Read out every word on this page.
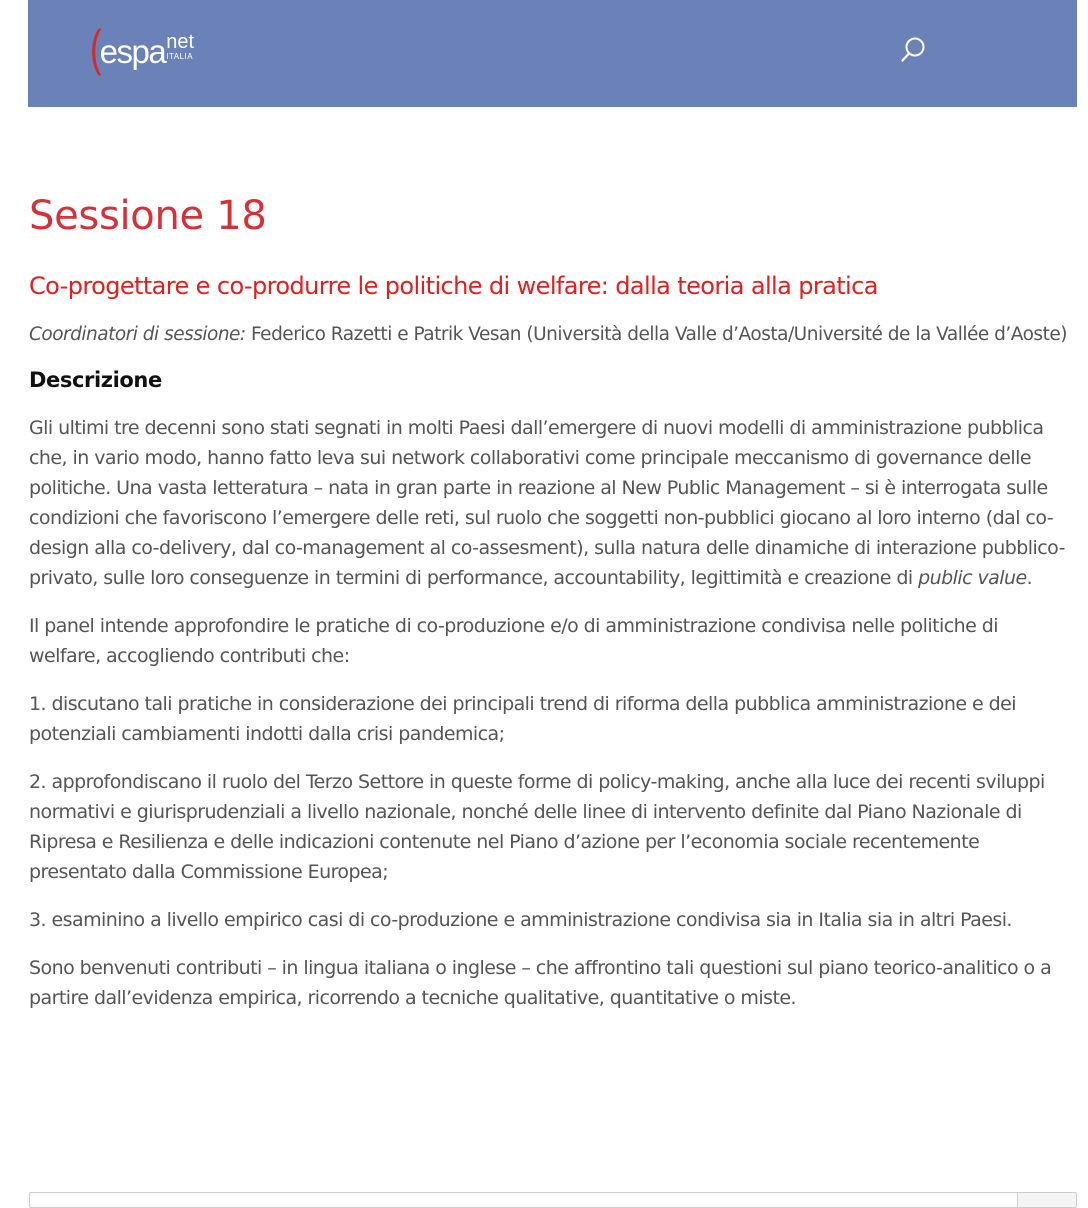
(
espa net
ITALIA
Sessione 18
Co-progettare e co-produrre le politiche di welfare: dalla teoria alla pratica

Coordinatori di sessione: Federico Razetti e Patrik Vesan (Università della Valle d’Aosta/Université de la Vallée d’Aoste)

Descrizione

Gli ultimi tre decenni sono stati segnati in molti Paesi dall’emergere di nuovi modelli di amministrazione pubblica che, in vario modo, hanno fatto leva sui network collaborativi come principale meccanismo di governance delle politiche. Una vasta letteratura – nata in gran parte in reazione al New Public Management – si è interrogata sulle condizioni che favoriscono l’emergere delle reti, sul ruolo che soggetti non-pubblici giocano al loro interno (dal co-design alla co-delivery, dal co-management al co-assesment), sulla natura delle dinamiche di interazione pubblico-privato, sulle loro conseguenze in termini di performance, accountability, legittimità e creazione di public value.

Il panel intende approfondire le pratiche di co-produzione e/o di amministrazione condivisa nelle politiche di welfare, accogliendo contributi che:

1. discutano tali pratiche in considerazione dei principali trend di riforma della pubblica amministrazione e dei potenziali cambiamenti indotti dalla crisi pandemica;

2. approfondiscano il ruolo del Terzo Settore in queste forme di policy-making, anche alla luce dei recenti sviluppi normativi e giurisprudenziali a livello nazionale, nonché delle linee di intervento definite dal Piano Nazionale di Ripresa e Resilienza e delle indicazioni contenute nel Piano d’azione per l’economia sociale recentemente presentato dalla Commissione Europea;

3. esaminino a livello empirico casi di co-produzione e amministrazione condivisa sia in Italia sia in altri Paesi.

Sono benvenuti contributi – in lingua italiana o inglese – che affrontino tali questioni sul piano teorico-analitico o a partire dall’evidenza empirica, ricorrendo a tecniche qualitative, quantitative o miste.
